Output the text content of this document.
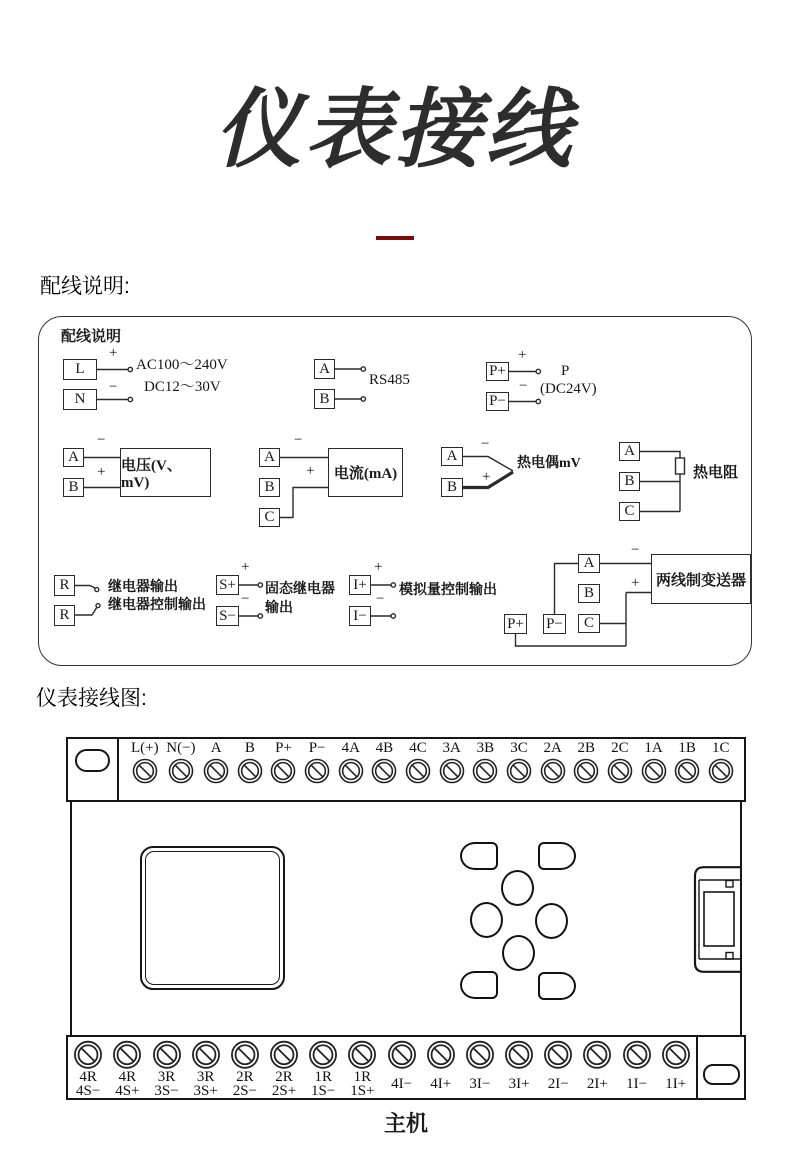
仪表接线
配线说明:
配线说明
L
N
+
−
AC100～240V
DC12～30V
A
B
RS485
P+
P−
+
−
P
(DC24V)
A
B
−
+ 电压(V、mV)
A
B
C
−
+	电流(mA)
A
B
−
+
热电偶mV
A
B
C
热电阻
R
R
继电器输出
继电器控制输出
S+
S−
+
−
固态继电器
输出
I+
I−
+
−
模拟量控制输出
A
B
C
P+ P−
−
+	两线制变送器
仪表接线图:
L(+) N(−) A B P+ P− 4A 4B 4C 3A 3B 3C 2A 2B 2C 1A 1B 1C
4R
4S−
4R
4S+
3R
3S−
3R
3S+
2R
2S−
2R
2S+
1R
1S−
1R
1S+ 4I− 4I+ 3I− 3I+ 2I− 2I+ 1I− 1I+
主机
